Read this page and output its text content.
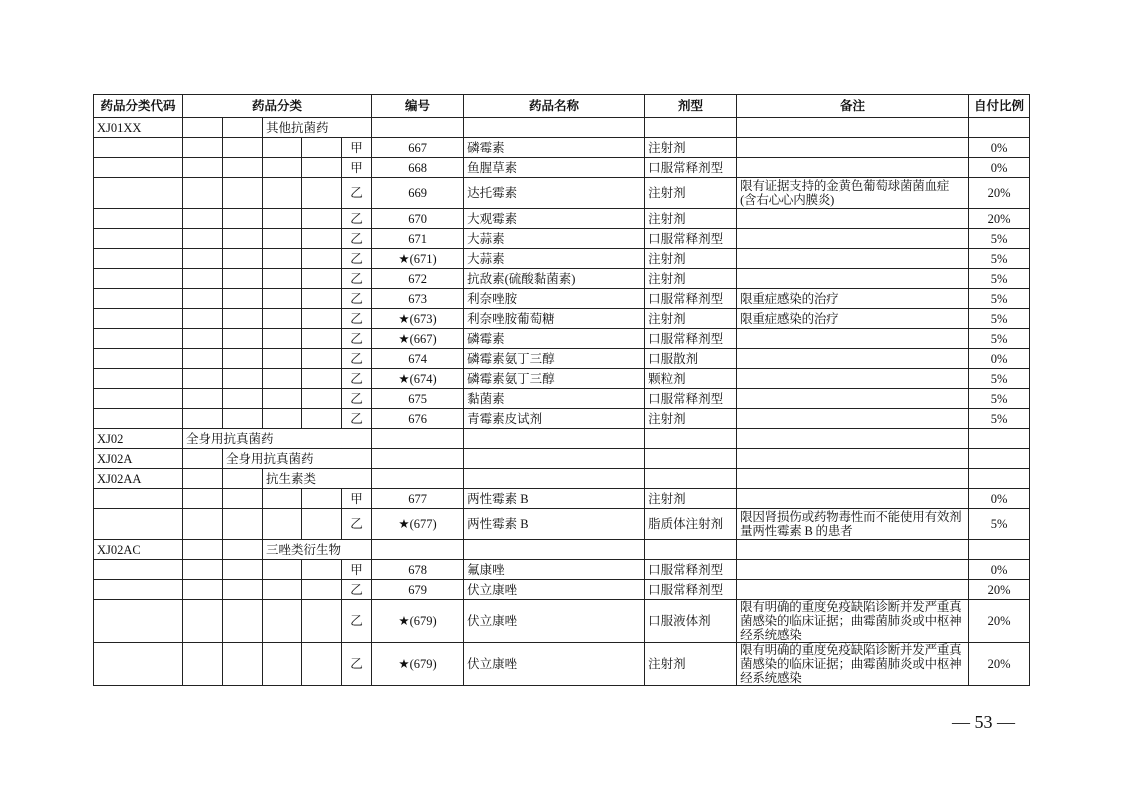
药品分类代码	药品分类					编号	药品名称	剂型	备注	自付比例
XJ01XX			其他抗菌药							
					甲	667	磷霉素	注射剂		0%
					甲	668	鱼腥草素	口服常释剂型		0%
					乙	669	达托霉素	注射剂	限有证据支持的金黄色葡萄球菌菌血症(含右心心内膜炎)	20%
					乙	670	大观霉素	注射剂		20%
					乙	671	大蒜素	口服常释剂型		5%
					乙	★(671)	大蒜素	注射剂		5%
					乙	672	抗敌素(硫酸黏菌素)	注射剂		5%
					乙	673	利奈唑胺	口服常释剂型	限重症感染的治疗	5%
					乙	★(673)	利奈唑胺葡萄糖	注射剂	限重症感染的治疗	5%
					乙	★(667)	磷霉素	口服常释剂型		5%
					乙	674	磷霉素氨丁三醇	口服散剂		0%
					乙	★(674)	磷霉素氨丁三醇	颗粒剂		5%
					乙	675	黏菌素	口服常释剂型		5%
					乙	676	青霉素皮试剂	注射剂		5%
XJ02	全身用抗真菌药									
XJ02A		全身用抗真菌药								
XJ02AA			抗生素类							
					甲	677	两性霉素 B	注射剂		0%
					乙	★(677)	两性霉素 B	脂质体注射剂	限因肾损伤或药物毒性而不能使用有效剂量两性霉素 B 的患者	5%
XJ02AC			三唑类衍生物							
					甲	678	氟康唑	口服常释剂型		0%
					乙	679	伏立康唑	口服常释剂型		20%
					乙	★(679)	伏立康唑	口服液体剂	限有明确的重度免疫缺陷诊断并发严重真菌感染的临床证据；曲霉菌肺炎或中枢神经系统感染	20%
					乙	★(679)	伏立康唑	注射剂	限有明确的重度免疫缺陷诊断并发严重真菌感染的临床证据；曲霉菌肺炎或中枢神经系统感染	20%
— 53 —
